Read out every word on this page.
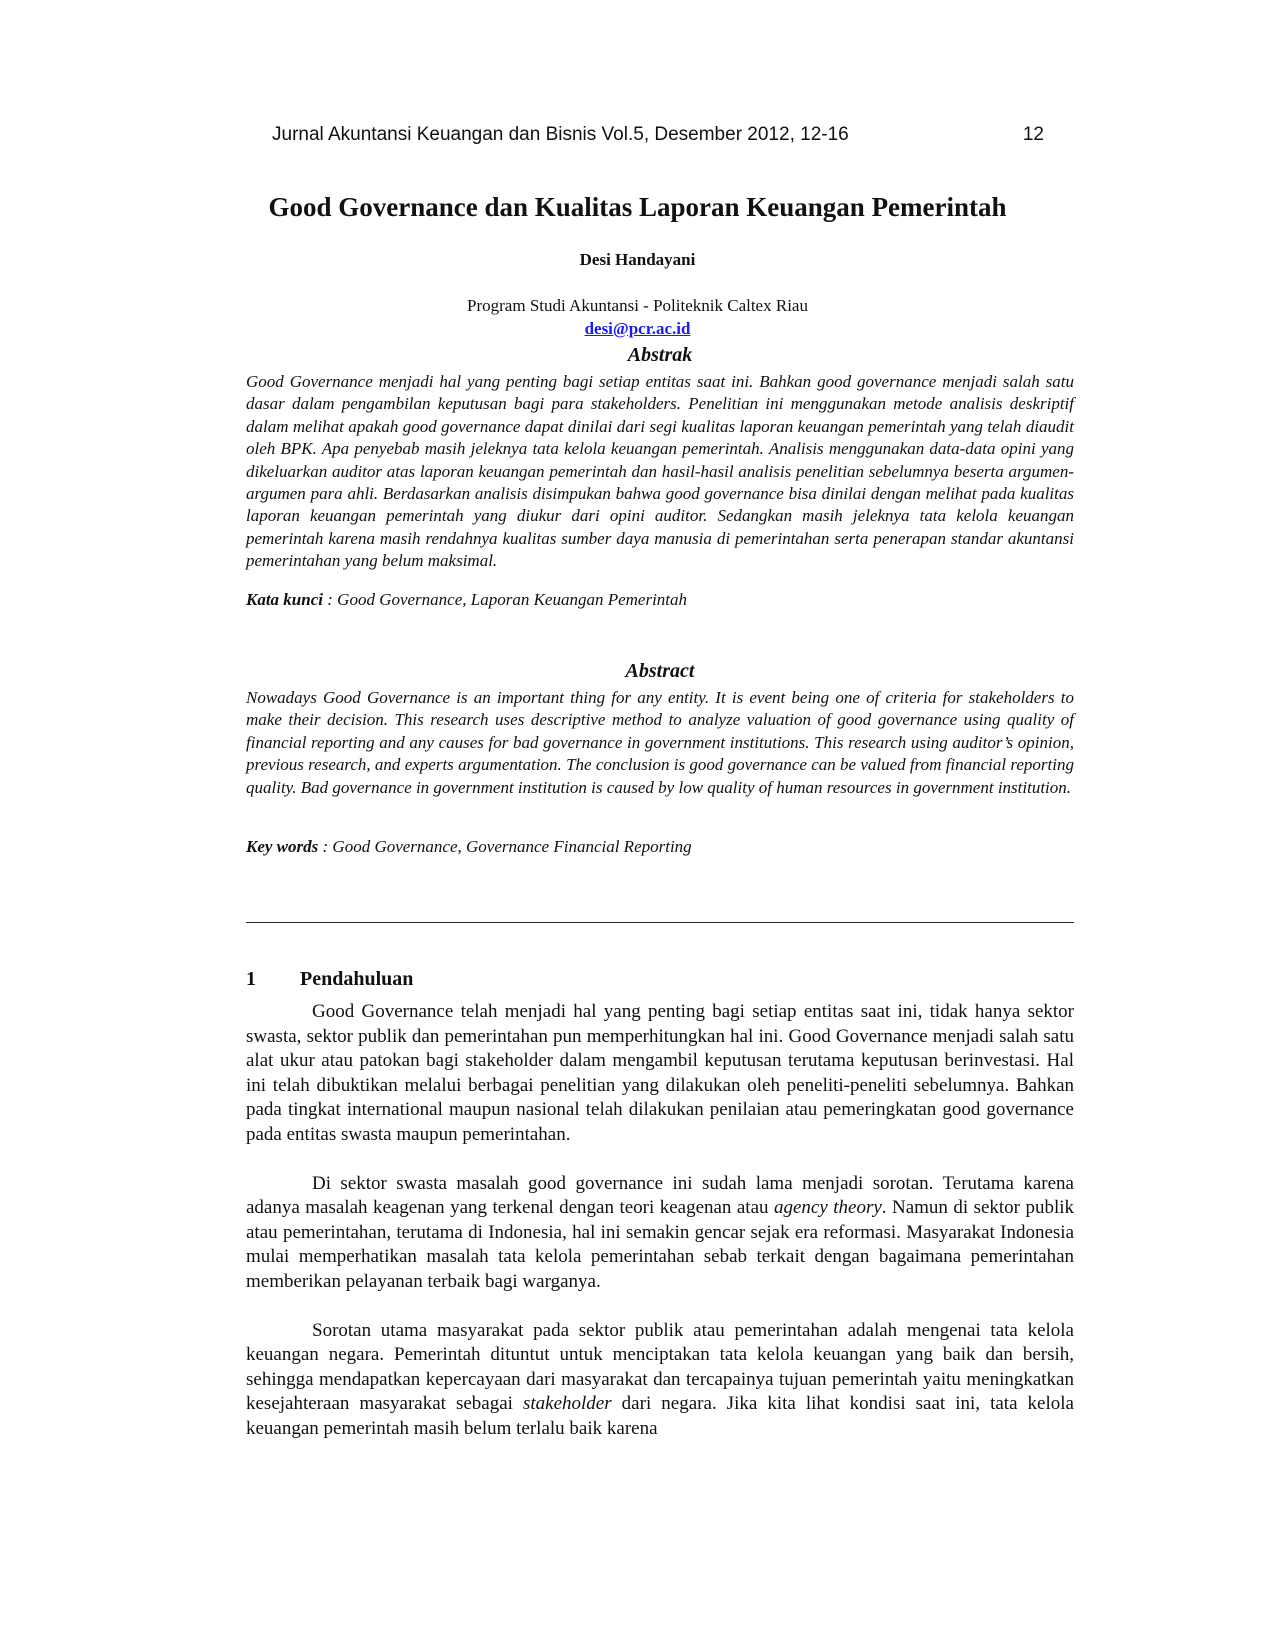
Jurnal Akuntansi Keuangan dan Bisnis Vol.5, Desember 2012, 12-16	12
Good Governance dan Kualitas Laporan Keuangan Pemerintah
Desi Handayani
Program Studi Akuntansi - Politeknik Caltex Riau
desi@pcr.ac.id
Abstrak

Good Governance menjadi hal yang penting bagi setiap entitas saat ini. Bahkan good governance menjadi salah satu dasar dalam pengambilan keputusan bagi para stakeholders. Penelitian ini menggunakan metode analisis deskriptif dalam melihat apakah good governance dapat dinilai dari segi kualitas laporan keuangan pemerintah yang telah diaudit oleh BPK. Apa penyebab masih jeleknya tata kelola keuangan pemerintah. Analisis menggunakan data-data opini yang dikeluarkan auditor atas laporan keuangan pemerintah dan hasil-hasil analisis penelitian sebelumnya beserta argumen-argumen para ahli. Berdasarkan analisis disimpukan bahwa good governance bisa dinilai dengan melihat pada kualitas laporan keuangan pemerintah yang diukur dari opini auditor. Sedangkan masih jeleknya tata kelola keuangan pemerintah karena masih rendahnya kualitas sumber daya manusia di pemerintahan serta penerapan standar akuntansi pemerintahan yang belum maksimal.

Kata kunci : Good Governance, Laporan Keuangan Pemerintah
Abstract

Nowadays Good Governance is an important thing for any entity. It is event being one of criteria for stakeholders to make their decision. This research uses descriptive method to analyze valuation of good governance using quality of financial reporting and any causes for bad governance in government institutions. This research using auditor’s opinion, previous research, and experts argumentation. The conclusion is good governance can be valued from financial reporting quality. Bad governance in government institution is caused by low quality of human resources in government institution.

Key words : Good Governance, Governance Financial Reporting
1 Pendahuluan

Good Governance telah menjadi hal yang penting bagi setiap entitas saat ini, tidak hanya sektor swasta, sektor publik dan pemerintahan pun memperhitungkan hal ini. Good Governance menjadi salah satu alat ukur atau patokan bagi stakeholder dalam mengambil keputusan terutama keputusan berinvestasi. Hal ini telah dibuktikan melalui berbagai penelitian yang dilakukan oleh peneliti-peneliti sebelumnya. Bahkan pada tingkat international maupun nasional telah dilakukan penilaian atau pemeringkatan good governance pada entitas swasta maupun pemerintahan.

Di sektor swasta masalah good governance ini sudah lama menjadi sorotan. Terutama karena adanya masalah keagenan yang terkenal dengan teori keagenan atau agency theory. Namun di sektor publik atau pemerintahan, terutama di Indonesia, hal ini semakin gencar sejak era reformasi. Masyarakat Indonesia mulai memperhatikan masalah tata kelola pemerintahan sebab terkait dengan bagaimana pemerintahan memberikan pelayanan terbaik bagi warganya.

Sorotan utama masyarakat pada sektor publik atau pemerintahan adalah mengenai tata kelola keuangan negara. Pemerintah dituntut untuk menciptakan tata kelola keuangan yang baik dan bersih, sehingga mendapatkan kepercayaan dari masyarakat dan tercapainya tujuan pemerintah yaitu meningkatkan kesejahteraan masyarakat sebagai stakeholder dari negara. Jika kita lihat kondisi saat ini, tata kelola keuangan pemerintah masih belum terlalu baik karena
